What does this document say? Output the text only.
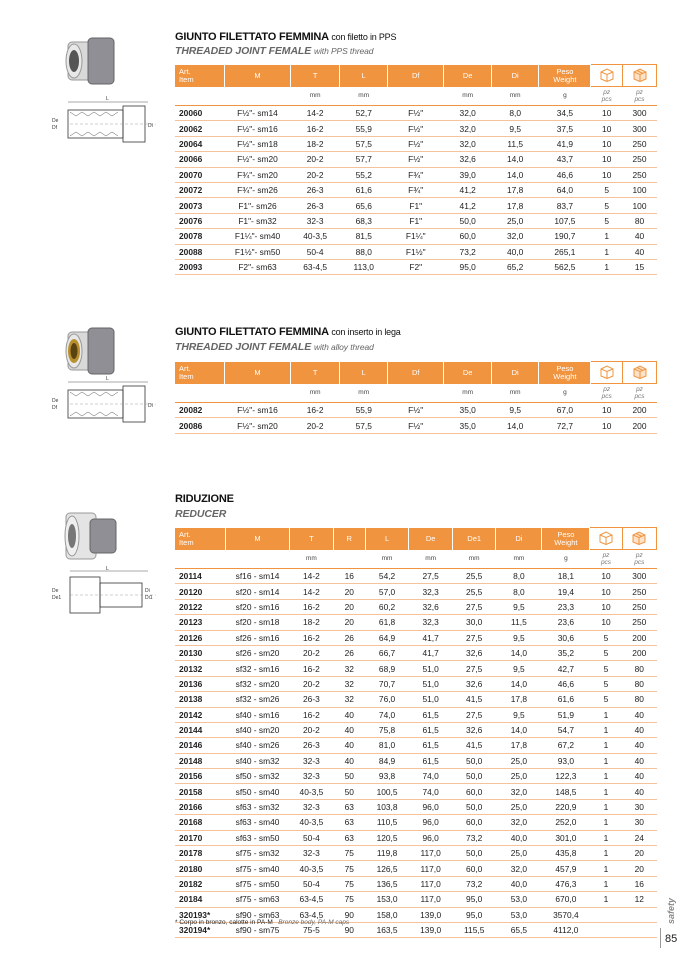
L
De
Df	Di
GIUNTO FILETTATO FEMMINA con filetto in PPS
THREADED JOINT FEMALE with PPS thread
Art.
Item	M	T	L	Df	De	Di	Peso
Weight		
		mm	mm		mm	mm	g	pz
pcs	pz
pcs
20060	F½"- sm14	14-2	52,7	F½"	32,0	8,0	34,5	10	300
20062	F½"- sm16	16-2	55,9	F½"	32,0	9,5	37,5	10	300
20064	F½"- sm18	18-2	57,5	F½"	32,0	11,5	41,9	10	250
20066	F½"- sm20	20-2	57,7	F½"	32,6	14,0	43,7	10	250
20070	F¾"- sm20	20-2	55,2	F¾"	39,0	14,0	46,6	10	250
20072	F¾"- sm26	26-3	61,6	F¾"	41,2	17,8	64,0	5	100
20073	F1"- sm26	26-3	65,6	F1"	41,2	17,8	83,7	5	100
20076	F1"- sm32	32-3	68,3	F1"	50,0	25,0	107,5	5	80
20078	F1¼"- sm40	40-3,5	81,5	F1¼"	60,0	32,0	190,7	1	40
20088	F1½"- sm50	50-4	88,0	F1½"	73,2	40,0	265,1	1	40
20093	F2"- sm63	63-4,5	113,0	F2"	95,0	65,2	562,5	1	15
L
De
Df	Di
GIUNTO FILETTATO FEMMINA con inserto in lega
THREADED JOINT FEMALE with alloy thread
Art.
Item	M	T	L	Df	De	Di	Peso
Weight		
		mm	mm		mm	mm	g	pz
pcs	pz
pcs
20082	F½"- sm16	16-2	55,9	F½"	35,0	9,5	67,0	10	200
20086	F½"- sm20	20-2	57,5	F½"	35,0	14,0	72,7	10	200
L
De
De1
Di
Di1
RIDUZIONE
REDUCER
Art.
Item	M	T	R	L	De	De1	Di	Peso
Weight		
		mm		mm	mm	mm	mm	g	pz
pcs	pz
pcs
20114	sf16 - sm14	14-2	16	54,2	27,5	25,5	8,0	18,1	10	300
20120	sf20 - sm14	14-2	20	57,0	32,3	25,5	8,0	19,4	10	250
20122	sf20 - sm16	16-2	20	60,2	32,6	27,5	9,5	23,3	10	250
20123	sf20 - sm18	18-2	20	61,8	32,3	30,0	11,5	23,6	10	250
20126	sf26 - sm16	16-2	26	64,9	41,7	27,5	9,5	30,6	5	200
20130	sf26 - sm20	20-2	26	66,7	41,7	32,6	14,0	35,2	5	200
20132	sf32 - sm16	16-2	32	68,9	51,0	27,5	9,5	42,7	5	80
20136	sf32 - sm20	20-2	32	70,7	51,0	32,6	14,0	46,6	5	80
20138	sf32 - sm26	26-3	32	76,0	51,0	41,5	17,8	61,6	5	80
20142	sf40 - sm16	16-2	40	74,0	61,5	27,5	9,5	51,9	1	40
20144	sf40 - sm20	20-2	40	75,8	61,5	32,6	14,0	54,7	1	40
20146	sf40 - sm26	26-3	40	81,0	61,5	41,5	17,8	67,2	1	40
20148	sf40 - sm32	32-3	40	84,9	61,5	50,0	25,0	93,0	1	40
20156	sf50 - sm32	32-3	50	93,8	74,0	50,0	25,0	122,3	1	40
20158	sf50 - sm40	40-3,5	50	100,5	74,0	60,0	32,0	148,5	1	40
20166	sf63 - sm32	32-3	63	103,8	96,0	50,0	25,0	220,9	1	30
20168	sf63 - sm40	40-3,5	63	110,5	96,0	60,0	32,0	252,0	1	30
20170	sf63 - sm50	50-4	63	120,5	96,0	73,2	40,0	301,0	1	24
20178	sf75 - sm32	32-3	75	119,8	117,0	50,0	25,0	435,8	1	20
20180	sf75 - sm40	40-3,5	75	126,5	117,0	60,0	32,0	457,9	1	20
20182	sf75 - sm50	50-4	75	136,5	117,0	73,2	40,0	476,3	1	16
20184	sf75 - sm63	63-4,5	75	153,0	117,0	95,0	53,0	670,0	1	12
320193*	sf90 - sm63	63-4,5	90	158,0	139,0	95,0	53,0	3570,4		
320194*	sf90 - sm75	75-5	90	163,5	139,0	115,5	65,5	4112,0		
* Corpo in bronzo, calotte in PA-M Bronze body, PA-M caps	safety
85
